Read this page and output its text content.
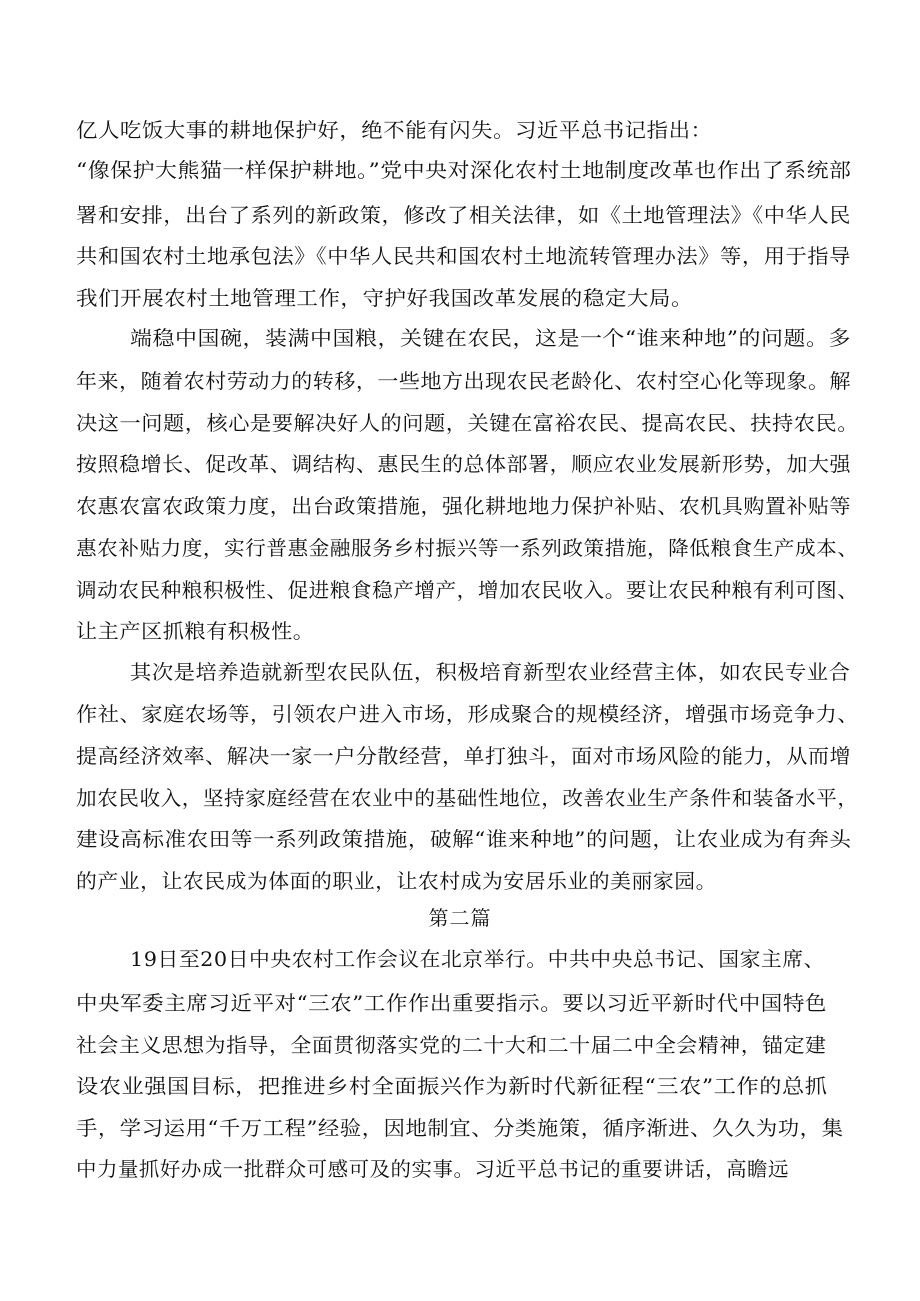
亿人吃饭大事的耕地保护好，绝不能有闪失。习近平总书记指出：
“像保护大熊猫一样保护耕地。”党中央对深化农村土地制度改革也作出了系统部
署和安排，出台了系列的新政策，修改了相关法律，如《土地管理法》《中华人民
共和国农村土地承包法》《中华人民共和国农村土地流转管理办法》等，用于指导
我们开展农村土地管理工作，守护好我国改革发展的稳定大局。
端稳中国碗，装满中国粮，关键在农民，这是一个“谁来种地”的问题。多
年来，随着农村劳动力的转移，一些地方出现农民老龄化、农村空心化等现象。解
决这一问题，核心是要解决好人的问题，关键在富裕农民、提高农民、扶持农民。
按照稳增长、促改革、调结构、惠民生的总体部署，顺应农业发展新形势，加大强
农惠农富农政策力度，出台政策措施，强化耕地地力保护补贴、农机具购置补贴等
惠农补贴力度，实行普惠金融服务乡村振兴等一系列政策措施，降低粮食生产成本、
调动农民种粮积极性、促进粮食稳产增产，增加农民收入。要让农民种粮有利可图、
让主产区抓粮有积极性。
其次是培养造就新型农民队伍，积极培育新型农业经营主体，如农民专业合
作社、家庭农场等，引领农户进入市场，形成聚合的规模经济，增强市场竞争力、
提高经济效率、解决一家一户分散经营，单打独斗，面对市场风险的能力，从而增
加农民收入，坚持家庭经营在农业中的基础性地位，改善农业生产条件和装备水平，
建设高标准农田等一系列政策措施，破解“谁来种地”的问题，让农业成为有奔头
的产业，让农民成为体面的职业，让农村成为安居乐业的美丽家园。
第二篇
19日至20日中央农村工作会议在北京举行。中共中央总书记、国家主席、
中央军委主席习近平对“三农”工作作出重要指示。要以习近平新时代中国特色
社会主义思想为指导，全面贯彻落实党的二十大和二十届二中全会精神，锚定建
设农业强国目标，把推进乡村全面振兴作为新时代新征程“三农”工作的总抓
手，学习运用“千万工程”经验，因地制宜、分类施策，循序渐进、久久为功，集
中力量抓好办成一批群众可感可及的实事。习近平总书记的重要讲话，高瞻远
